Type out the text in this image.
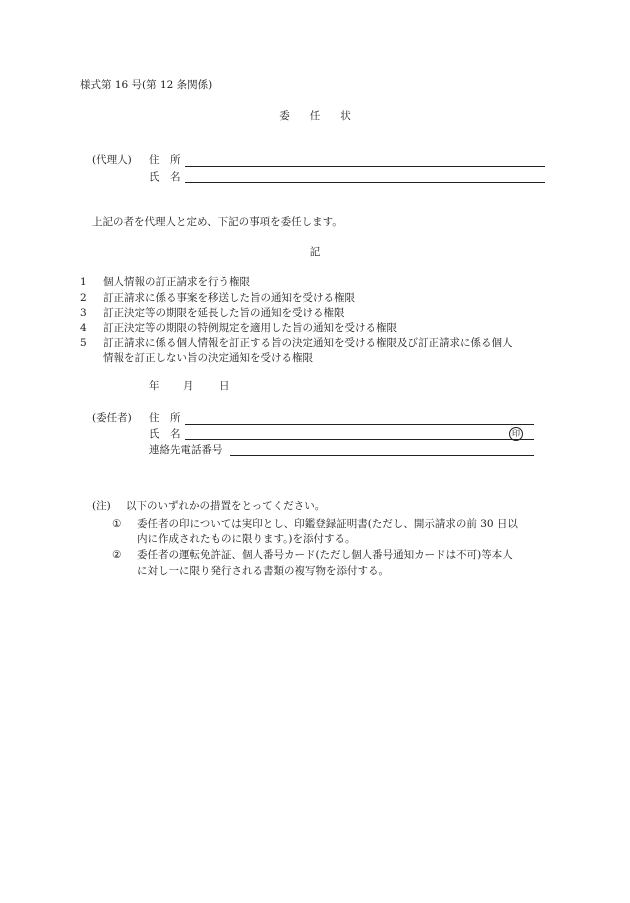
様式第 16 号(第 12 条関係)
委任状
(代理人) 住　所
氏　名
上記の者を代理人と定め、下記の事項を委任します。
記
1 個人情報の訂正請求を行う権限
2 訂正請求に係る事案を移送した旨の通知を受ける権限
3 訂正決定等の期限を延長した旨の通知を受ける権限
4 訂正決定等の期限の特例規定を適用した旨の通知を受ける権限
5 訂正請求に係る個人情報を訂正する旨の決定通知を受ける権限及び訂正請求に係る個人
情報を訂正しない旨の決定通知を受ける権限
年 月 日
(委任者) 住　所
氏　名	印
連絡先電話番号
(注) 以下のいずれかの措置をとってください。
① 委任者の印については実印とし、印鑑登録証明書(ただし、開示請求の前 30 日以
内に作成されたものに限ります。)を添付する。
② 委任者の運転免許証、個人番号カード(ただし個人番号通知カードは不可)等本人
に対し一に限り発行される書類の複写物を添付する。
